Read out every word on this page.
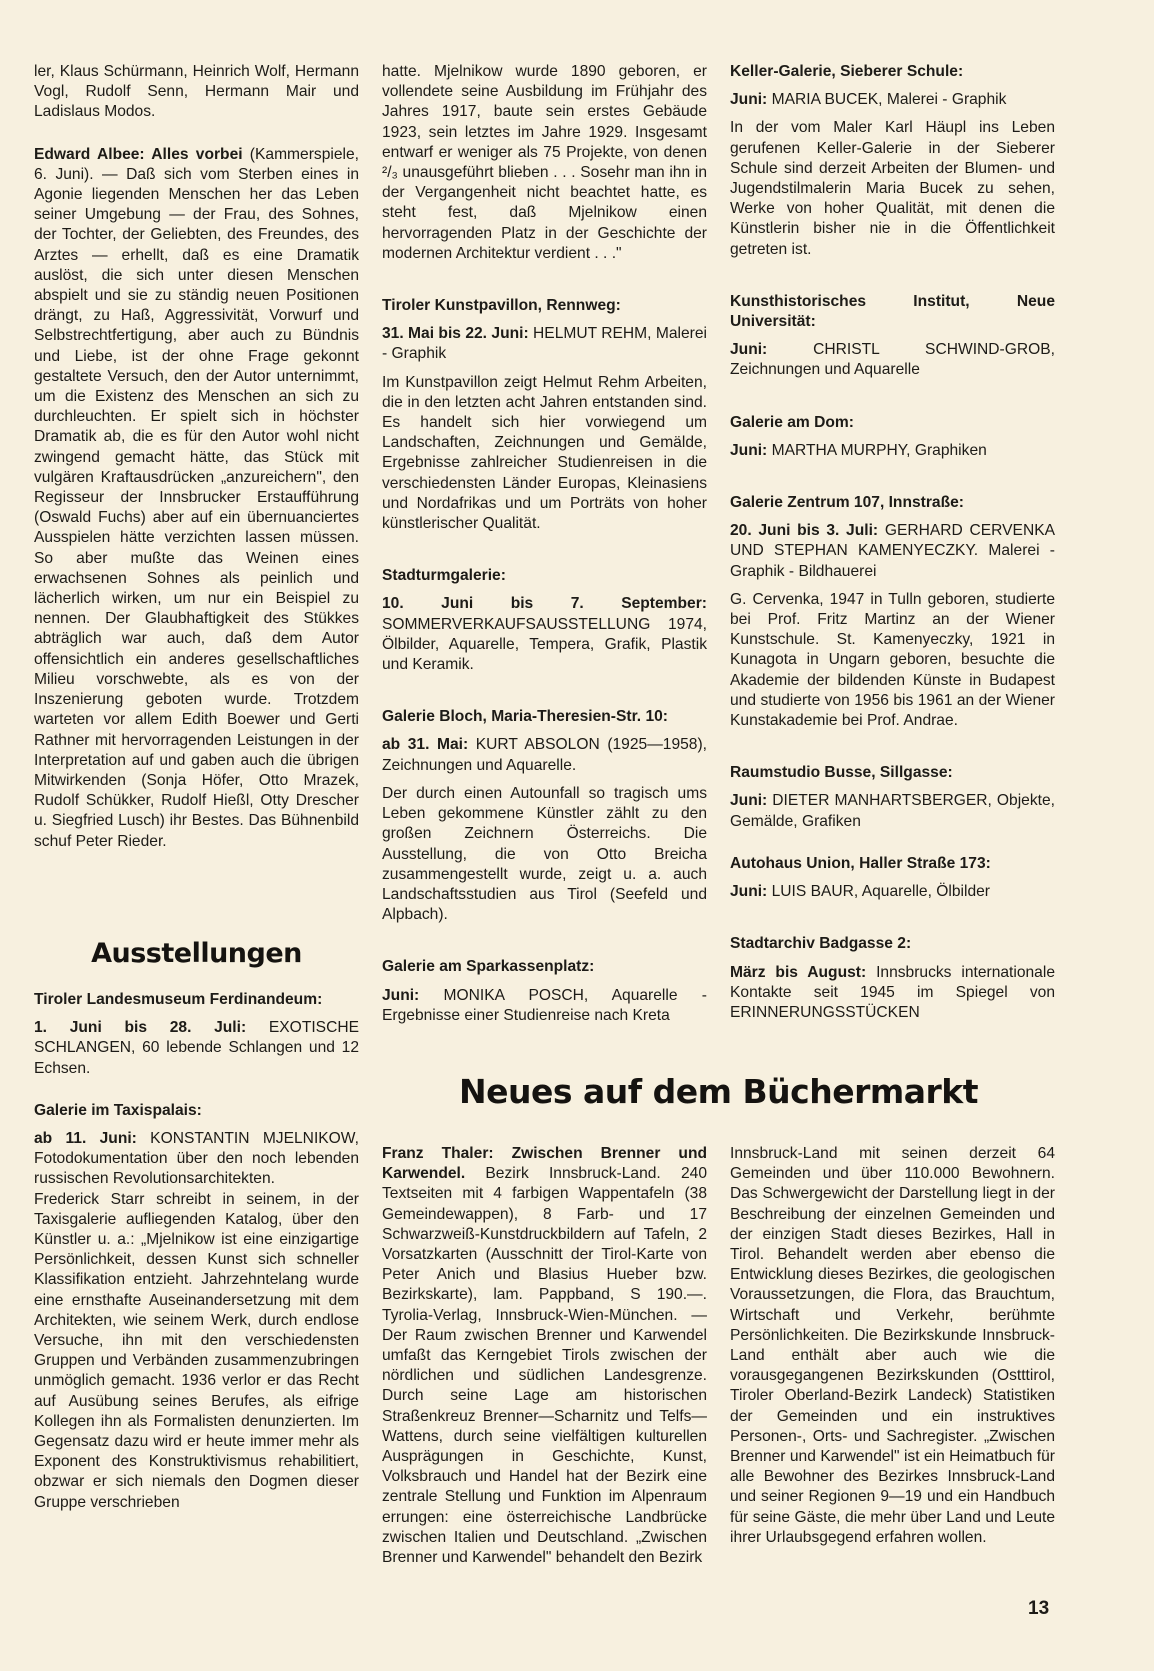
ler, Klaus Schürmann, Heinrich Wolf, Hermann Vogl, Rudolf Senn, Hermann Mair und Ladislaus Modos.

Edward Albee: Alles vorbei (Kammerspiele, 6. Juni). — Daß sich vom Sterben eines in Agonie liegenden Menschen her das Leben seiner Umgebung — der Frau, des Sohnes, der Tochter, der Geliebten, des Freundes, des Arztes — erhellt, daß es eine Dramatik auslöst, die sich unter diesen Menschen abspielt und sie zu ständig neuen Positionen drängt, zu Haß, Aggressivität, Vorwurf und Selbstrechtfertigung, aber auch zu Bündnis und Liebe, ist der ohne Frage gekonnt gestaltete Versuch, den der Autor unternimmt, um die Existenz des Menschen an sich zu durchleuchten. Er spielt sich in höchster Dramatik ab, die es für den Autor wohl nicht zwingend gemacht hätte, das Stück mit vulgären Kraftausdrücken „anzureichern", den Regisseur der Innsbrucker Erstaufführung (Oswald Fuchs) aber auf ein übernuanciertes Ausspielen hätte verzichten lassen müssen. So aber mußte das Weinen eines erwachsenen Sohnes als peinlich und lächerlich wirken, um nur ein Beispiel zu nennen. Der Glaubhaftigkeit des Stükkes abträglich war auch, daß dem Autor offensichtlich ein anderes gesellschaftliches Milieu vorschwebte, als es von der Inszenierung geboten wurde. Trotzdem warteten vor allem Edith Boewer und Gerti Rathner mit hervorragenden Leistungen in der Interpretation auf und gaben auch die übrigen Mitwirkenden (Sonja Höfer, Otto Mrazek, Rudolf Schükker, Rudolf Hießl, Otty Drescher u. Siegfried Lusch) ihr Bestes. Das Bühnenbild schuf Peter Rieder.

Ausstellungen

Tiroler Landesmuseum Ferdinandeum:

1. Juni bis 28. Juli: EXOTISCHE SCHLANGEN, 60 lebende Schlangen und 12 Echsen.

Galerie im Taxispalais:

ab 11. Juni: KONSTANTIN MJELNIKOW, Fotodokumentation über den noch lebenden russischen Revolutionsarchitekten.

Frederick Starr schreibt in seinem, in der Taxisgalerie aufliegenden Katalog, über den Künstler u. a.: „Mjelnikow ist eine einzigartige Persönlichkeit, dessen Kunst sich schneller Klassifikation entzieht. Jahrzehntelang wurde eine ernsthafte Auseinandersetzung mit dem Architekten, wie seinem Werk, durch endlose Versuche, ihn mit den verschiedensten Gruppen und Verbänden zusammenzubringen unmöglich gemacht. 1936 verlor er das Recht auf Ausübung seines Berufes, als eifrige Kollegen ihn als Formalisten denunzierten. Im Gegensatz dazu wird er heute immer mehr als Exponent des Konstruktivismus rehabilitiert, obzwar er sich niemals den Dogmen dieser Gruppe verschrieben

hatte. Mjelnikow wurde 1890 geboren, er vollendete seine Ausbildung im Frühjahr des Jahres 1917, baute sein erstes Gebäude 1923, sein letztes im Jahre 1929. Insgesamt entwarf er weniger als 75 Projekte, von denen ²/₃ unausgeführt blieben . . . Sosehr man ihn in der Vergangenheit nicht beachtet hatte, es steht fest, daß Mjelnikow einen hervorragenden Platz in der Geschichte der modernen Architektur verdient . . ."

Tiroler Kunstpavillon, Rennweg:

31. Mai bis 22. Juni: HELMUT REHM, Malerei - Graphik

Im Kunstpavillon zeigt Helmut Rehm Arbeiten, die in den letzten acht Jahren entstanden sind. Es handelt sich hier vorwiegend um Landschaften, Zeichnungen und Gemälde, Ergebnisse zahlreicher Studienreisen in die verschiedensten Länder Europas, Kleinasiens und Nordafrikas und um Porträts von hoher künstlerischer Qualität.

Stadturmgalerie:

10. Juni bis 7. September: SOMMERVERKAUFSAUSSTELLUNG 1974, Ölbilder, Aquarelle, Tempera, Grafik, Plastik und Keramik.

Galerie Bloch, Maria-Theresien-Str. 10:

ab 31. Mai: KURT ABSOLON (1925—1958), Zeichnungen und Aquarelle.

Der durch einen Autounfall so tragisch ums Leben gekommene Künstler zählt zu den großen Zeichnern Österreichs. Die Ausstellung, die von Otto Breicha zusammengestellt wurde, zeigt u. a. auch Landschaftsstudien aus Tirol (Seefeld und Alpbach).

Galerie am Sparkassenplatz:

Juni: MONIKA POSCH, Aquarelle - Ergebnisse einer Studienreise nach Kreta

Keller-Galerie, Sieberer Schule:

Juni: MARIA BUCEK, Malerei - Graphik

In der vom Maler Karl Häupl ins Leben gerufenen Keller-Galerie in der Sieberer Schule sind derzeit Arbeiten der Blumen- und Jugendstilmalerin Maria Bucek zu sehen, Werke von hoher Qualität, mit denen die Künstlerin bisher nie in die Öffentlichkeit getreten ist.

Kunsthistorisches Institut, Neue Universität:

Juni: CHRISTL SCHWIND-GROB, Zeichnungen und Aquarelle

Galerie am Dom:

Juni: MARTHA MURPHY, Graphiken

Galerie Zentrum 107, Innstraße:

20. Juni bis 3. Juli: GERHARD CERVENKA UND STEPHAN KAMENYECZKY. Malerei - Graphik - Bildhauerei

G. Cervenka, 1947 in Tulln geboren, studierte bei Prof. Fritz Martinz an der Wiener Kunstschule. St. Kamenyeczky, 1921 in Kunagota in Ungarn geboren, besuchte die Akademie der bildenden Künste in Budapest und studierte von 1956 bis 1961 an der Wiener Kunstakademie bei Prof. Andrae.

Raumstudio Busse, Sillgasse:

Juni: DIETER MANHARTSBERGER, Objekte, Gemälde, Grafiken

Autohaus Union, Haller Straße 173:

Juni: LUIS BAUR, Aquarelle, Ölbilder

Stadtarchiv Badgasse 2:

März bis August: Innsbrucks internationale Kontakte seit 1945 im Spiegel von ERINNERUNGSSTÜCKEN

Neues auf dem Büchermarkt

Franz Thaler: Zwischen Brenner und Karwendel. Bezirk Innsbruck-Land. 240 Textseiten mit 4 farbigen Wappentafeln (38 Gemeindewappen), 8 Farb- und 17 Schwarzweiß-Kunstdruckbildern auf Tafeln, 2 Vorsatzkarten (Ausschnitt der Tirol-Karte von Peter Anich und Blasius Hueber bzw. Bezirkskarte), lam. Pappband, S 190.—. Tyrolia-Verlag, Innsbruck-Wien-München. — Der Raum zwischen Brenner und Karwendel umfaßt das Kerngebiet Tirols zwischen der nördlichen und südlichen Landesgrenze. Durch seine Lage am historischen Straßenkreuz Brenner—Scharnitz und Telfs—Wattens, durch seine vielfältigen kulturellen Ausprägungen in Geschichte, Kunst, Volksbrauch und Handel hat der Bezirk eine zentrale Stellung und Funktion im Alpenraum errungen: eine österreichische Landbrücke zwischen Italien und Deutschland. „Zwischen Brenner und Karwendel" behandelt den Bezirk

Innsbruck-Land mit seinen derzeit 64 Gemeinden und über 110.000 Bewohnern. Das Schwergewicht der Darstellung liegt in der Beschreibung der einzelnen Gemeinden und der einzigen Stadt dieses Bezirkes, Hall in Tirol. Behandelt werden aber ebenso die Entwicklung dieses Bezirkes, die geologischen Voraussetzungen, die Flora, das Brauchtum, Wirtschaft und Verkehr, berühmte Persönlichkeiten. Die Bezirkskunde Innsbruck-Land enthält aber auch wie die vorausgegangenen Bezirkskunden (Ostttirol, Tiroler Oberland-Bezirk Landeck) Statistiken der Gemeinden und ein instruktives Personen-, Orts- und Sachregister. „Zwischen Brenner und Karwendel" ist ein Heimatbuch für alle Bewohner des Bezirkes Innsbruck-Land und seiner Regionen 9—19 und ein Handbuch für seine Gäste, die mehr über Land und Leute ihrer Urlaubsgegend erfahren wollen.

13
